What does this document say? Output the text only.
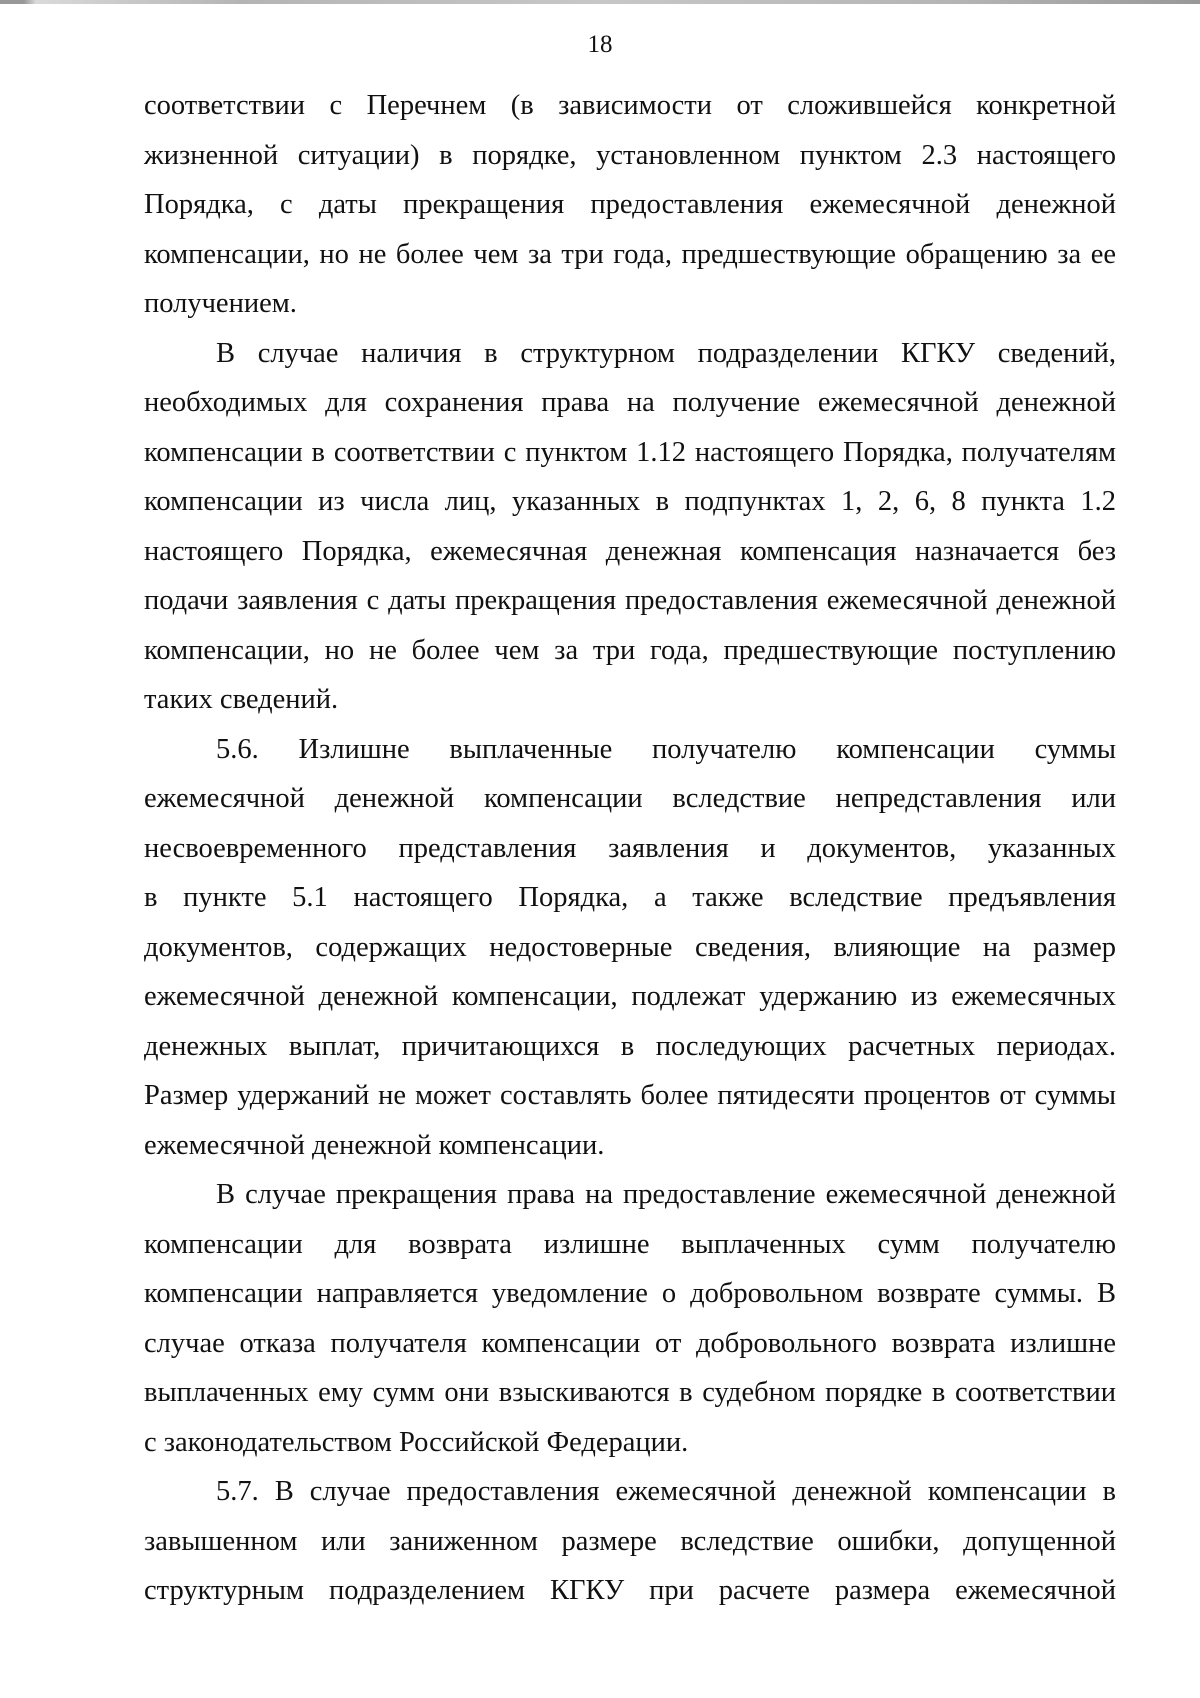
18
соответствии с Перечнем (в зависимости от сложившейся конкретной
жизненной ситуации) в порядке, установленном пунктом 2.3 настоящего
Порядка, с даты прекращения предоставления ежемесячной денежной
компенсации, но не более чем за три года, предшествующие обращению за ее
получением.
В случае наличия в структурном подразделении КГКУ сведений,
необходимых для сохранения права на получение ежемесячной денежной
компенсации в соответствии с пунктом 1.12 настоящего Порядка, получателям
компенсации из числа лиц, указанных в подпунктах 1, 2, 6, 8 пункта 1.2
настоящего Порядка, ежемесячная денежная компенсация назначается без
подачи заявления с даты прекращения предоставления ежемесячной денежной
компенсации, но не более чем за три года, предшествующие поступлению
таких сведений.
5.6. Излишне выплаченные получателю компенсации суммы
ежемесячной денежной компенсации вследствие непредставления или
несвоевременного представления заявления и документов, указанных
в пункте 5.1 настоящего Порядка, а также вследствие предъявления
документов, содержащих недостоверные сведения, влияющие на размер
ежемесячной денежной компенсации, подлежат удержанию из ежемесячных
денежных выплат, причитающихся в последующих расчетных периодах.
Размер удержаний не может составлять более пятидесяти процентов от суммы
ежемесячной денежной компенсации.
В случае прекращения права на предоставление ежемесячной денежной
компенсации для возврата излишне выплаченных сумм получателю
компенсации направляется уведомление о добровольном возврате суммы. В
случае отказа получателя компенсации от добровольного возврата излишне
выплаченных ему сумм они взыскиваются в судебном порядке в соответствии
с законодательством Российской Федерации.
5.7. В случае предоставления ежемесячной денежной компенсации в
завышенном или заниженном размере вследствие ошибки, допущенной
структурным подразделением КГКУ при расчете размера ежемесячной
